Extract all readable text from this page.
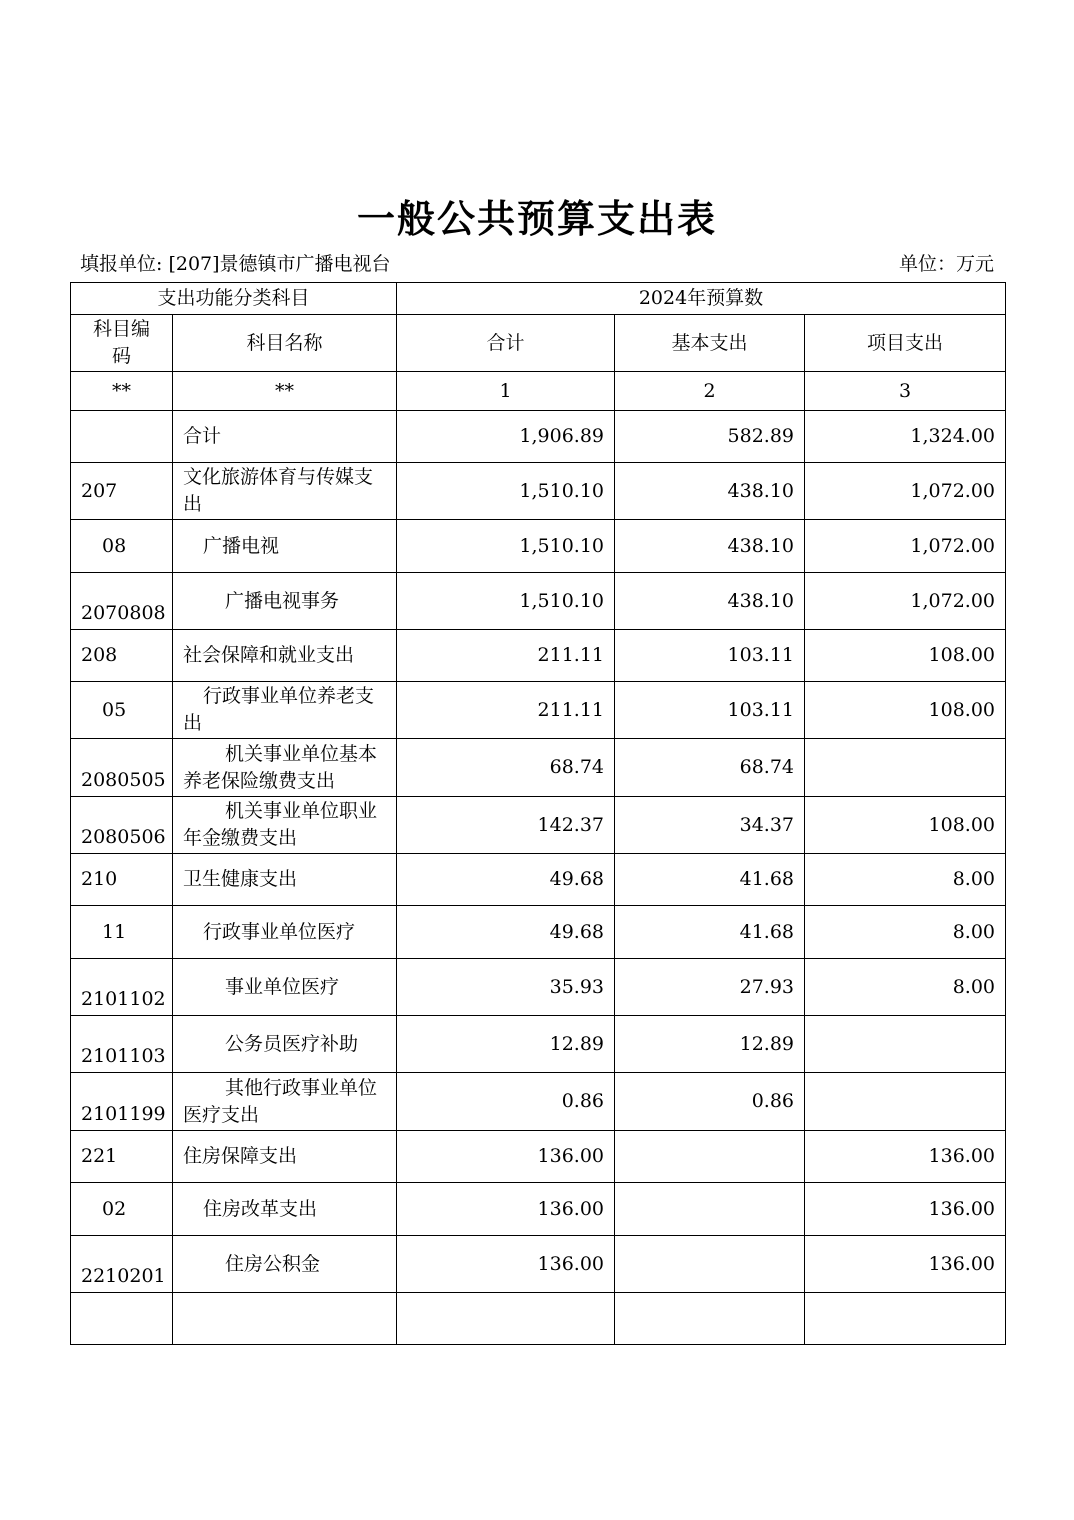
一般公共预算支出表
填报单位: [207]景德镇市广播电视台	单位：万元
支出功能分类科目		2024年预算数		
科目编码	科目名称	合计	基本支出	项目支出
**	**	1	2	3
	合计	1,906.89	582.89	1,324.00
207	文化旅游体育与传媒支出	1,510.10	438.10	1,072.00
08	广播电视	1,510.10	438.10	1,072.00
2070808	广播电视事务	1,510.10	438.10	1,072.00
208	社会保障和就业支出	211.11	103.11	108.00
05	行政事业单位养老支出	211.11	103.11	108.00
2080505	机关事业单位基本养老保险缴费支出	68.74	68.74	
2080506	机关事业单位职业年金缴费支出	142.37	34.37	108.00
210	卫生健康支出	49.68	41.68	8.00
11	行政事业单位医疗	49.68	41.68	8.00
2101102	事业单位医疗	35.93	27.93	8.00
2101103	公务员医疗补助	12.89	12.89	
2101199	其他行政事业单位医疗支出	0.86	0.86	
221	住房保障支出	136.00		136.00
02	住房改革支出	136.00		136.00
2210201	住房公积金	136.00		136.00
